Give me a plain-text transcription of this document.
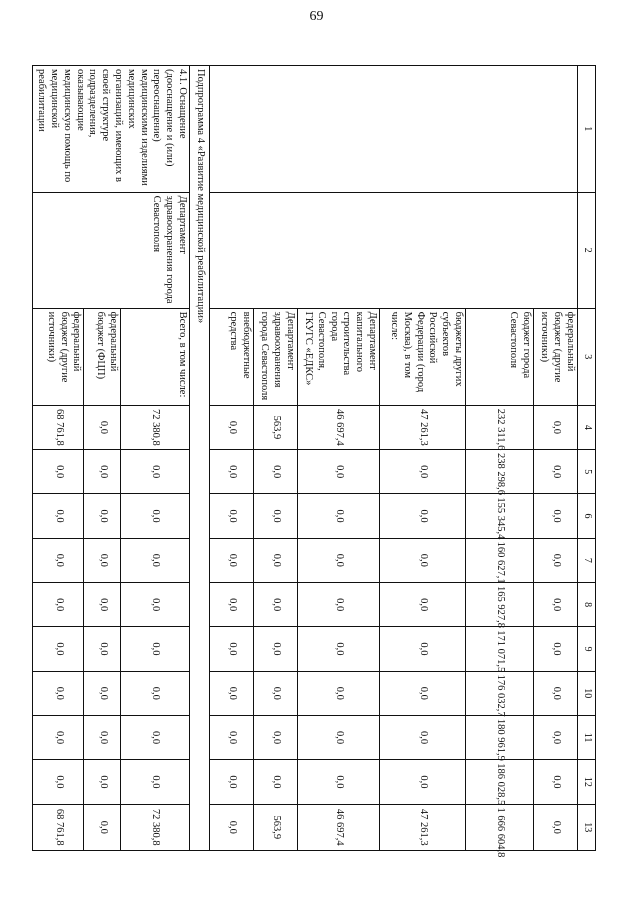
69
1	2	3	4	5	6	7	8	9	10	11	12	13
		федеральный бюджет (другие источники)	0,0	0,0	0,0	0,0	0,0	0,0	0,0	0,0	0,0	0,0
		бюджет города Севастополя	232 311,6	238 298,6	155 345,4	160 627,1	165 927,8	171 071,5	176 032,7	180 961,9	186 028,5	1 666 604,8
		бюджеты других субъектов Российской Федерации (город Москва), в том числе:	47 261,3	0,0	0,0	0,0	0,0	0,0	0,0	0,0	0,0	47 261,3
		Департамент капитального строительства города Севастополя, ГКУГС «ЕДКС»	46 697,4	0,0	0,0	0,0	0,0	0,0	0,0	0,0	0,0	46 697,4
		Департамент здравоохранения города Севастополя	563,9	0,0	0,0	0,0	0,0	0,0	0,0	0,0	0,0	563,9
		внебюджетные средства	0,0	0,0	0,0	0,0	0,0	0,0	0,0	0,0	0,0	0,0
Подпрограмма 4 «Развитие медицинской реабилитации»												
4.1. Оснащение (дооснащение и (или) переоснащение) медицинскими изделиями медицинских организаций, имеющих в своей структуре подразделения, оказывающие медицинскую помощь по медицинской реабилитации	Департамент здравоохранения города Севастополя	Всего, в том числе:	72 380,8	0,0	0,0	0,0	0,0	0,0	0,0	0,0	0,0	72 380,8
		федеральный бюджет (ФЦП)	0,0	0,0	0,0	0,0	0,0	0,0	0,0	0,0	0,0	0,0
		федеральный бюджет (другие источники)	68 761,8	0,0	0,0	0,0	0,0	0,0	0,0	0,0	0,0	68 761,8
